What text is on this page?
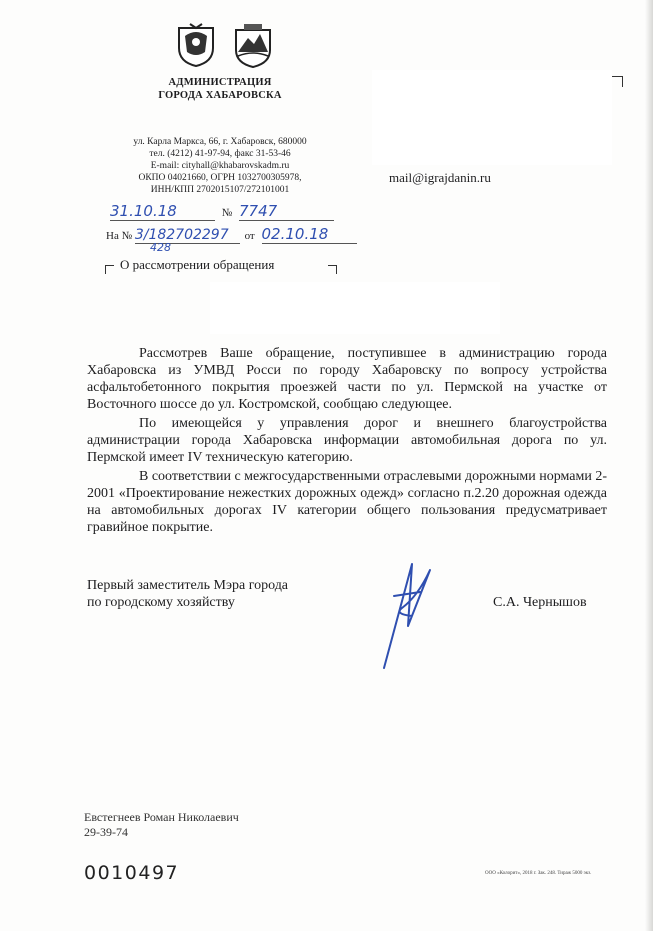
АДМИНИСТРАЦИЯ
ГОРОДА ХАБАРОВСКА
ул. Карла Маркса, 66, г. Хабаровск, 680000
тел. (4212) 41-97-94, факс 31-53-46
E-mail: cityhall@khabarovskadm.ru
ОКПО 04021660, ОГРН 1032700305978,
ИНН/КПП 2702015107/272101001
mail@igrajdanin.ru
31.10.18	№ 7747
На № 3/182702297 от 02.10.18
428
О рассмотрении обращения

Рассмотрев Ваше обращение, поступившее в администрацию города Хабаровска из УМВД Росси по городу Хабаровску по вопросу устройства асфальтобетонного покрытия проезжей части по ул. Пермской на участке от Восточного шоссе до ул. Костромской, сообщаю следующее.

По имеющейся у управления дорог и внешнего благоустройства администрации города Хабаровска информации автомобильная дорога по ул. Пермской имеет IV техническую категорию.

В соответствии с межгосударственными отраслевыми дорожными нормами 2-2001 «Проектирование нежестких дорожных одежд» согласно п.2.20 дорожная одежда на автомобильных дорогах IV категории общего пользования предусматривает гравийное покрытие.

Первый заместитель Мэра города
по городскому хозяйству	С.А. Чернышов
Евстегнеев Роман Николаевич
29-39-74
0010497	ООО «Колорит», 2018 г. Зак. 248. Тираж 5000 экз.
